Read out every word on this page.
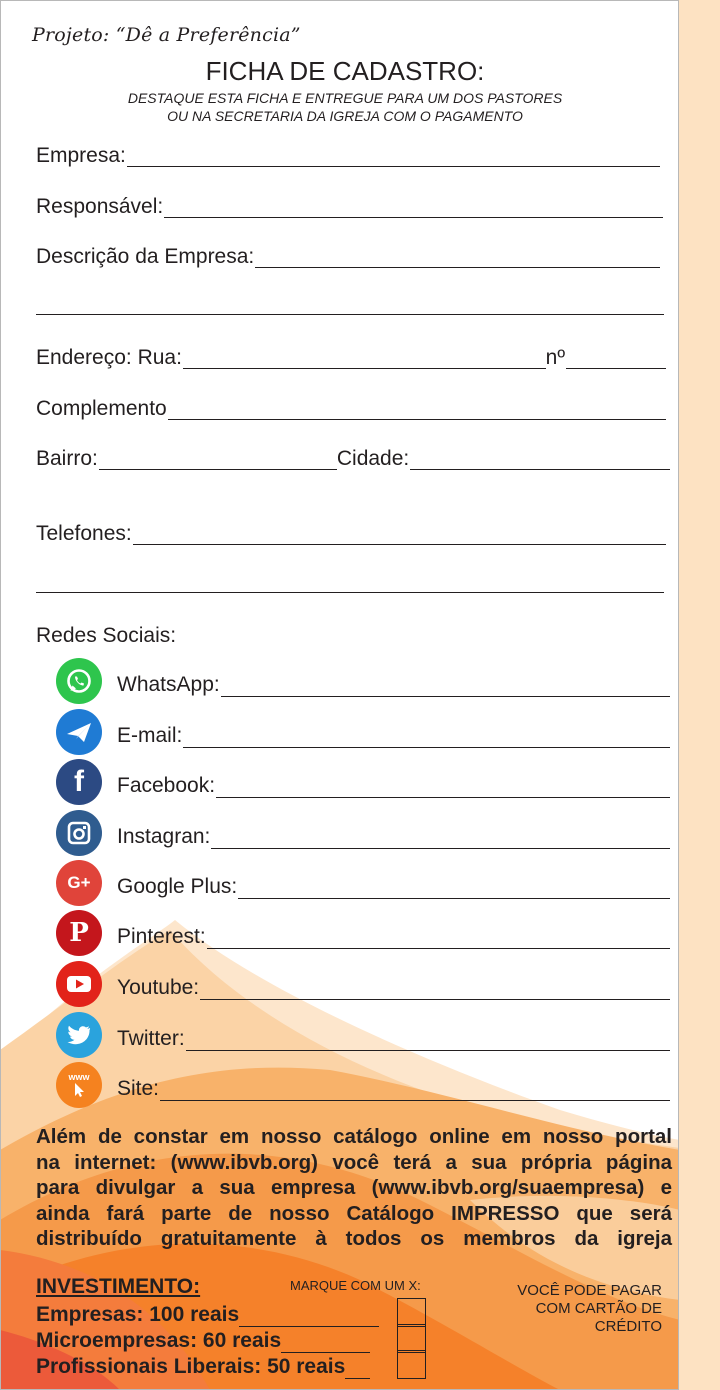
Projeto: “Dê a Preferência”
FICHA DE CADASTRO:
DESTAQUE ESTA FICHA E ENTREGUE PARA UM DOS PASTORES
OU NA SECRETARIA DA IGREJA COM O PAGAMENTO
Empresa:
Responsável:
Descrição da Empresa:
Endereço: Rua:	nº
Complemento
Bairro:	Cidade:
Telefones:
Redes Sociais:
WhatsApp:
E-mail:
f	Facebook:
Instagran:
G+	Google Plus:
P	Pinterest:
Youtube:
Twitter:
www
Site:
Além de constar em nosso catálogo online em nosso portal
na internet: (www.ibvb.org) você terá a sua própria página
para divulgar a sua empresa (www.ibvb.org/suaempresa) e
ainda fará parte de nosso Catálogo IMPRESSO que será
distribuído gratuitamente à todos os membros da igreja
INVESTIMENTO:	MARQUE COM UM X:	VOCÊ PODE PAGAR
COM CARTÃO DE
CRÉDITO
Empresas: 100 reais
Microempresas: 60 reais
Profissionais Liberais: 50 reais
